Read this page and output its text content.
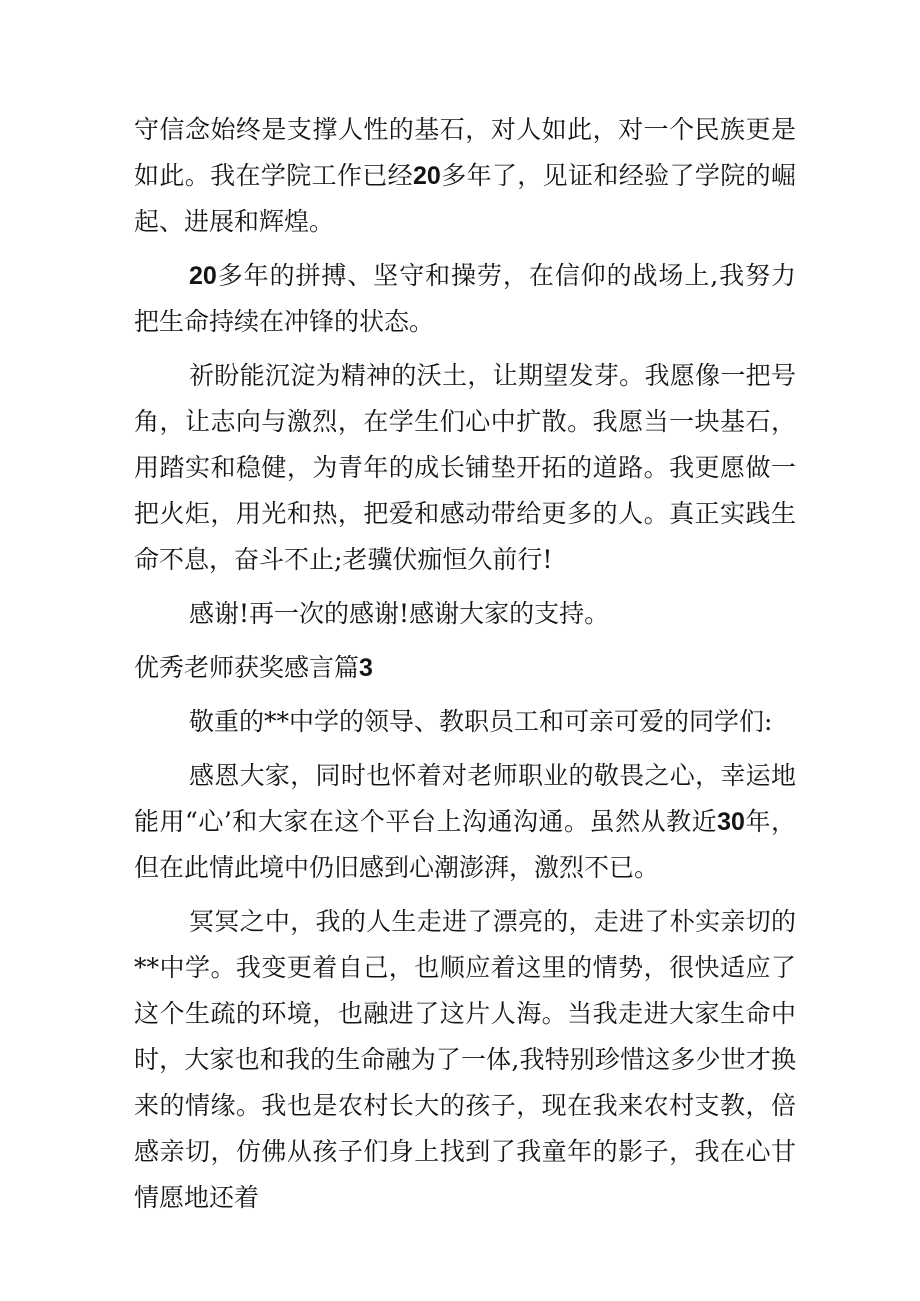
守信念始终是支撑人性的基石，对人如此，对一个民族更是如此。我在学院工作已经20多年了，见证和经验了学院的崛起、进展和辉煌。

20多年的拼搏、坚守和操劳，在信仰的战场上,我努力把生命持续在冲锋的状态。

祈盼能沉淀为精神的沃土，让期望发芽。我愿像一把号角，让志向与激烈，在学生们心中扩散。我愿当一块基石，用踏实和稳健，为青年的成长铺垫开拓的道路。我更愿做一把火炬，用光和热，把爱和感动带给更多的人。真正实践生命不息，奋斗不止;老骥伏痂恒久前行!

感谢!再一次的感谢!感谢大家的支持。

优秀老师获奖感言篇3

敬重的**中学的领导、教职员工和可亲可爱的同学们:

感恩大家，同时也怀着对老师职业的敬畏之心，幸运地能用“心’和大家在这个平台上沟通沟通。虽然从教近30年，但在此情此境中仍旧感到心潮澎湃，激烈不已。

冥冥之中，我的人生走进了漂亮的，走进了朴实亲切的**中学。我变更着自己，也顺应着这里的情势，很快适应了这个生疏的环境，也融进了这片人海。当我走进大家生命中时，大家也和我的生命融为了一体,我特别珍惜这多少世才换来的情缘。我也是农村长大的孩子，现在我来农村支教，倍感亲切，仿佛从孩子们身上找到了我童年的影子，我在心甘情愿地还着
